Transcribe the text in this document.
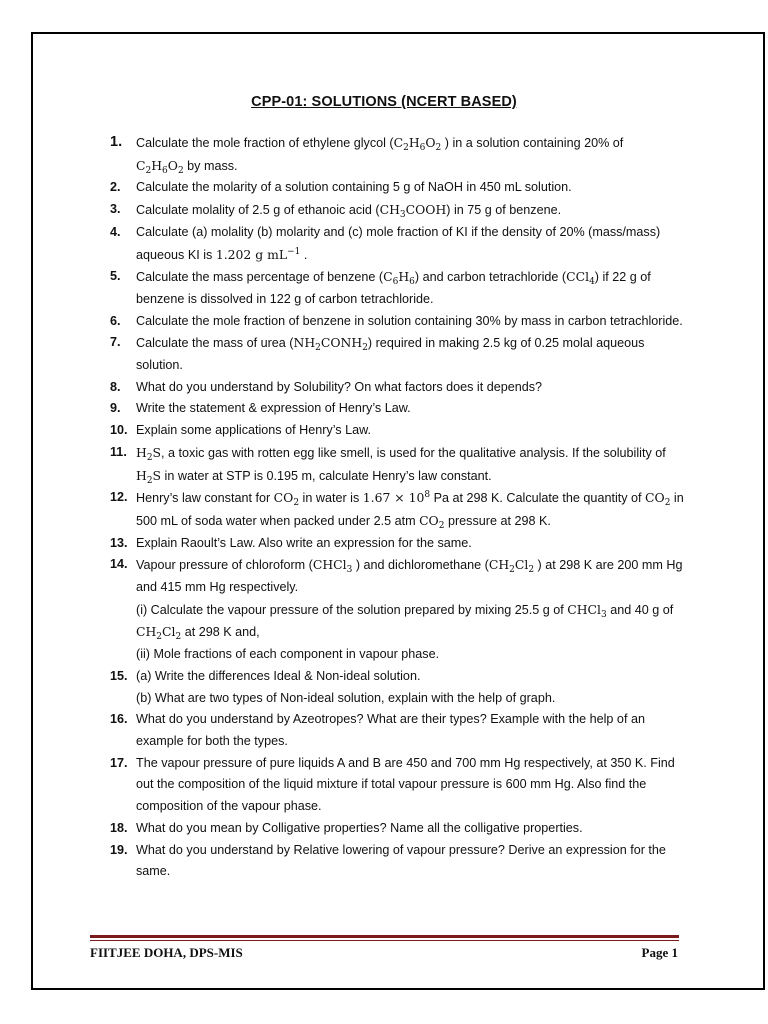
CPP-01: SOLUTIONS (NCERT BASED)
1. Calculate the mole fraction of ethylene glycol ($C_2H_6O_2$ ) in a solution containing 20% of
$C_2H_6O_2$ by mass.
2. Calculate the molarity of a solution containing 5 g of NaOH in 450 mL solution.
3. Calculate molality of 2.5 g of ethanoic acid $(CH_3COOH)$ in 75 g of benzene.
4. Calculate (a) molality (b) molarity and (c) mole fraction of KI if the density of 20% (mass/mass) aqueous KI is 1.202 g $mL^{-1}$ .
5. Calculate the mass percentage of benzene $(C_6H_6)$ and carbon tetrachloride (CCl$_4$) if 22 g of benzene is dissolved in 122 g of carbon tetrachloride.
6. Calculate the mole fraction of benzene in solution containing 30% by mass in carbon tetrachloride.
7. Calculate the mass of urea $(NH_2CONH_2)$ required in making 2.5 kg of 0.25 molal aqueous solution.
8. What do you understand by Solubility? On what factors does it depends?
9. Write the statement & expression of Henry’s Law.
10. Explain some applications of Henry’s Law.
11. $H_2S$, a toxic gas with rotten egg like smell, is used for the qualitative analysis. If the solubility of $H_2S$ in water at STP is 0.195 m, calculate Henry’s law constant.
12. Henry’s law constant for $CO_2$ in water is $1.67 \times 10^8$ Pa at 298 K. Calculate the quantity of $CO_2$ in 500 mL of soda water when packed under 2.5 atm $CO_2$ pressure at 298 K.
13. Explain Raoult’s Law. Also write an expression for the same.
14. Vapour pressure of chloroform (CHCl$_3$ ) and dichloromethane ($CH_2Cl_2$ ) at 298 K are 200 mm Hg and 415 mm Hg respectively.
(i) Calculate the vapour pressure of the solution prepared by mixing 25.5 g of CHCl$_3$ and 40 g of $CH_2Cl_2$ at 298 K and,
(ii) Mole fractions of each component in vapour phase.
15. (a) Write the differences Ideal & Non-ideal solution.
(b) What are two types of Non-ideal solution, explain with the help of graph.
16. What do you understand by Azeotropes? What are their types? Example with the help of an example for both the types.
17. The vapour pressure of pure liquids A and B are 450 and 700 mm Hg respectively, at 350 K. Find out the composition of the liquid mixture if total vapour pressure is 600 mm Hg. Also find the composition of the vapour phase.
18. What do you mean by Colligative properties? Name all the colligative properties.
19. What do you understand by Relative lowering of vapour pressure? Derive an expression for the same.
FIITJEE DOHA, DPS-MIS	Page 1
